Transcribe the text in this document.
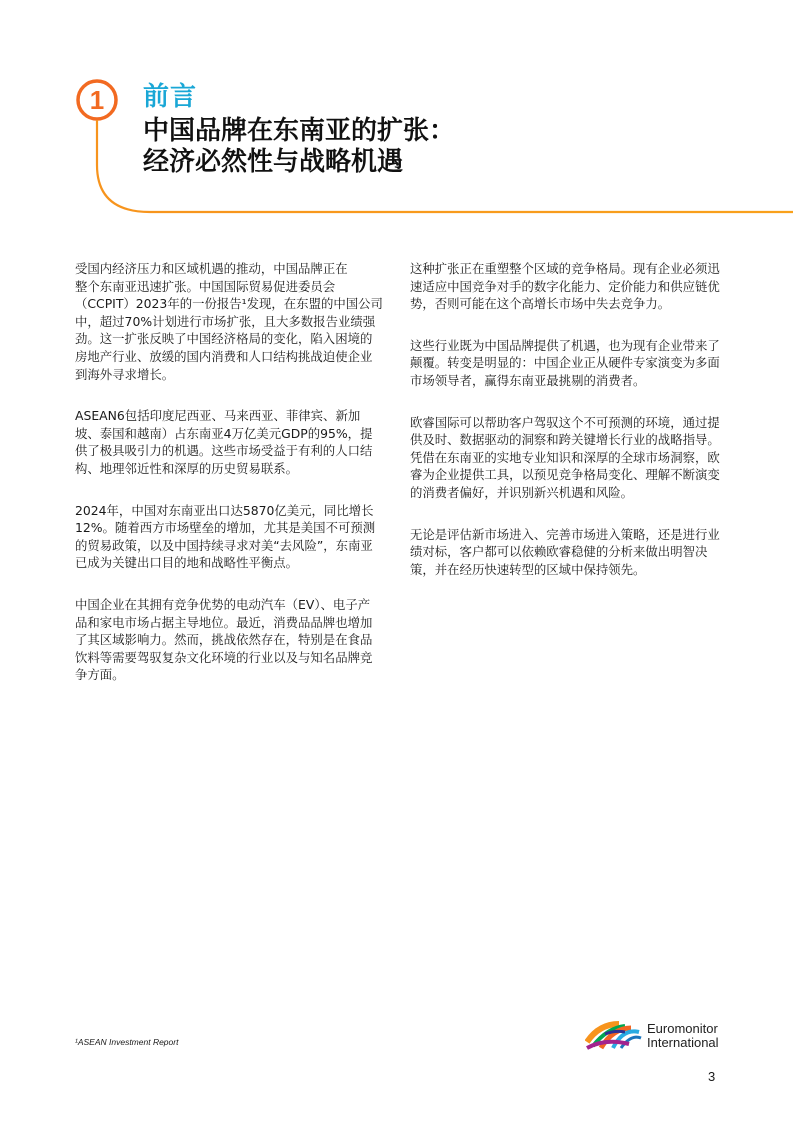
1	前言
中国品牌在东南亚的扩张：
经济必然性与战略机遇
受国内经济压力和区域机遇的推动，中国品牌正在
整个东南亚迅速扩张。中国国际贸易促进委员会
（CCPIT）2023年的一份报告¹发现，在东盟的中国公司
中，超过70%计划进行市场扩张，且大多数报告业绩强
劲。这一扩张反映了中国经济格局的变化，陷入困境的
房地产行业、放缓的国内消费和人口结构挑战迫使企业
到海外寻求增长。
ASEAN6包括印度尼西亚、马来西亚、菲律宾、新加
坡、泰国和越南）占东南亚4万亿美元GDP的95%，提
供了极具吸引力的机遇。这些市场受益于有利的人口结
构、地理邻近性和深厚的历史贸易联系。
2024年，中国对东南亚出口达5870亿美元，同比增长
12%。随着西方市场壁垒的增加，尤其是美国不可预测
的贸易政策，以及中国持续寻求对美“去风险”，东南亚
已成为关键出口目的地和战略性平衡点。
中国企业在其拥有竞争优势的电动汽车（EV）、电子产
品和家电市场占据主导地位。最近，消费品品牌也增加
了其区域影响力。然而，挑战依然存在，特别是在食品
饮料等需要驾驭复杂文化环境的行业以及与知名品牌竞
争方面。
这种扩张正在重塑整个区域的竞争格局。现有企业必须迅
速适应中国竞争对手的数字化能力、定价能力和供应链优
势，否则可能在这个高增长市场中失去竞争力。
这些行业既为中国品牌提供了机遇，也为现有企业带来了
颠覆。转变是明显的：中国企业正从硬件专家演变为多面
市场领导者，赢得东南亚最挑剔的消费者。
欧睿国际可以帮助客户驾驭这个不可预测的环境，通过提
供及时、数据驱动的洞察和跨关键增长行业的战略指导。
凭借在东南亚的实地专业知识和深厚的全球市场洞察，欧
睿为企业提供工具，以预见竞争格局变化、理解不断演变
的消费者偏好，并识别新兴机遇和风险。
无论是评估新市场进入、完善市场进入策略，还是进行业
绩对标，客户都可以依赖欧睿稳健的分析来做出明智决
策，并在经历快速转型的区域中保持领先。
¹ASEAN Investment Report
Euromonitor
International
3
